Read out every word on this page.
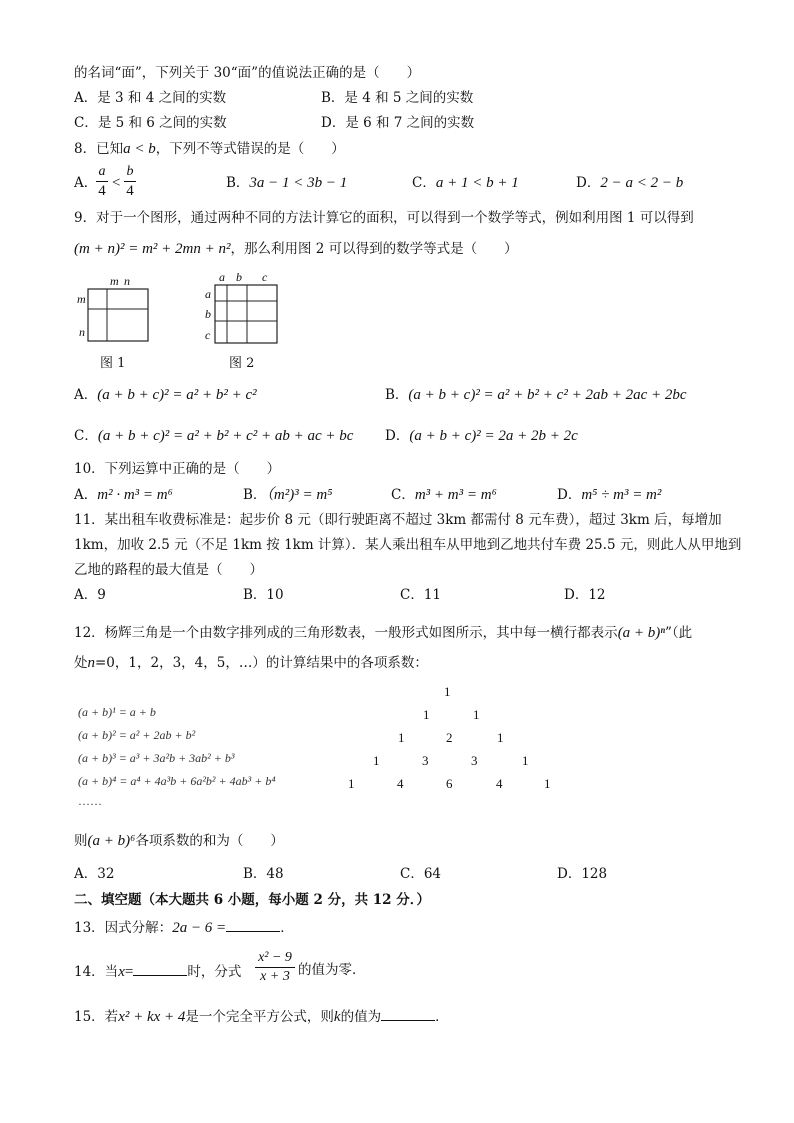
的名词“面”，下列关于 30“面”的值说法正确的是（　　）
A．是 3 和 4 之间的实数	B．是 4 和 5 之间的实数
C．是 5 和 6 之间的实数	D．是 6 和 7 之间的实数
8．已知a < b，下列不等式错误的是（　　）
A．
a
4 <
b
4	B．3a − 1 < 3b − 1	C．a + 1 < b + 1	D．2 − a < 2 − b
9．对于一个图形，通过两种不同的方法计算它的面积，可以得到一个数学等式，例如利用图 1 可以得到
(m + n)² = m² + 2mn + n²，那么利用图 2 可以得到的数学等式是（　　）
m n
m
n
图 1
a b c
a
b
c
图 2
A．(a + b + c)² = a² + b² + c²	B．(a + b + c)² = a² + b² + c² + 2ab + 2ac + 2bc
C．(a + b + c)² = a² + b² + c² + ab + ac + bc D．(a + b + c)² = 2a + 2b + 2c
10．下列运算中正确的是（　　）
A．m² · m³ = m⁶	B．（m²)³ = m⁵	C．m³ + m³ = m⁶	D．m⁵ ÷ m³ = m²
11．某出租车收费标准是：起步价 8 元（即行驶距离不超过 3km 都需付 8 元车费），超过 3km 后，每增加
1km，加收 2.5 元（不足 1km 按 1km 计算）．某人乘出租车从甲地到乙地共付车费 25.5 元，则此人从甲地到
乙地的路程的最大值是（　　）
A．9	B．10	C．11	D．12
12．杨辉三角是一个由数字排列成的三角形数表，一般形式如图所示，其中每一横行都表示(a + b)ⁿ”（此
处n=0，1，2，3，4，5，…）的计算结果中的各项系数：
(a + b)¹ = a + b
(a + b)² = a² + 2ab + b²
(a + b)³ = a³ + 3a²b + 3ab² + b³
(a + b)⁴ = a⁴ + 4a³b + 6a²b² + 4ab³ + b⁴
……
1
1	1
1	2	1
1	3	3	1
1	4	6	4	1
则(a + b)⁶各项系数的和为（　　）
A．32	B．48	C．64	D．128
二、填空题（本大题共 6 小题，每小题 2 分，共 12 分．）
13．因式分解：2a − 6 =	．
14．当x=	时，分式
x² − 9
x + 3 的值为零．
15．若x² + kx + 4是一个完全平方公式，则k的值为	．
